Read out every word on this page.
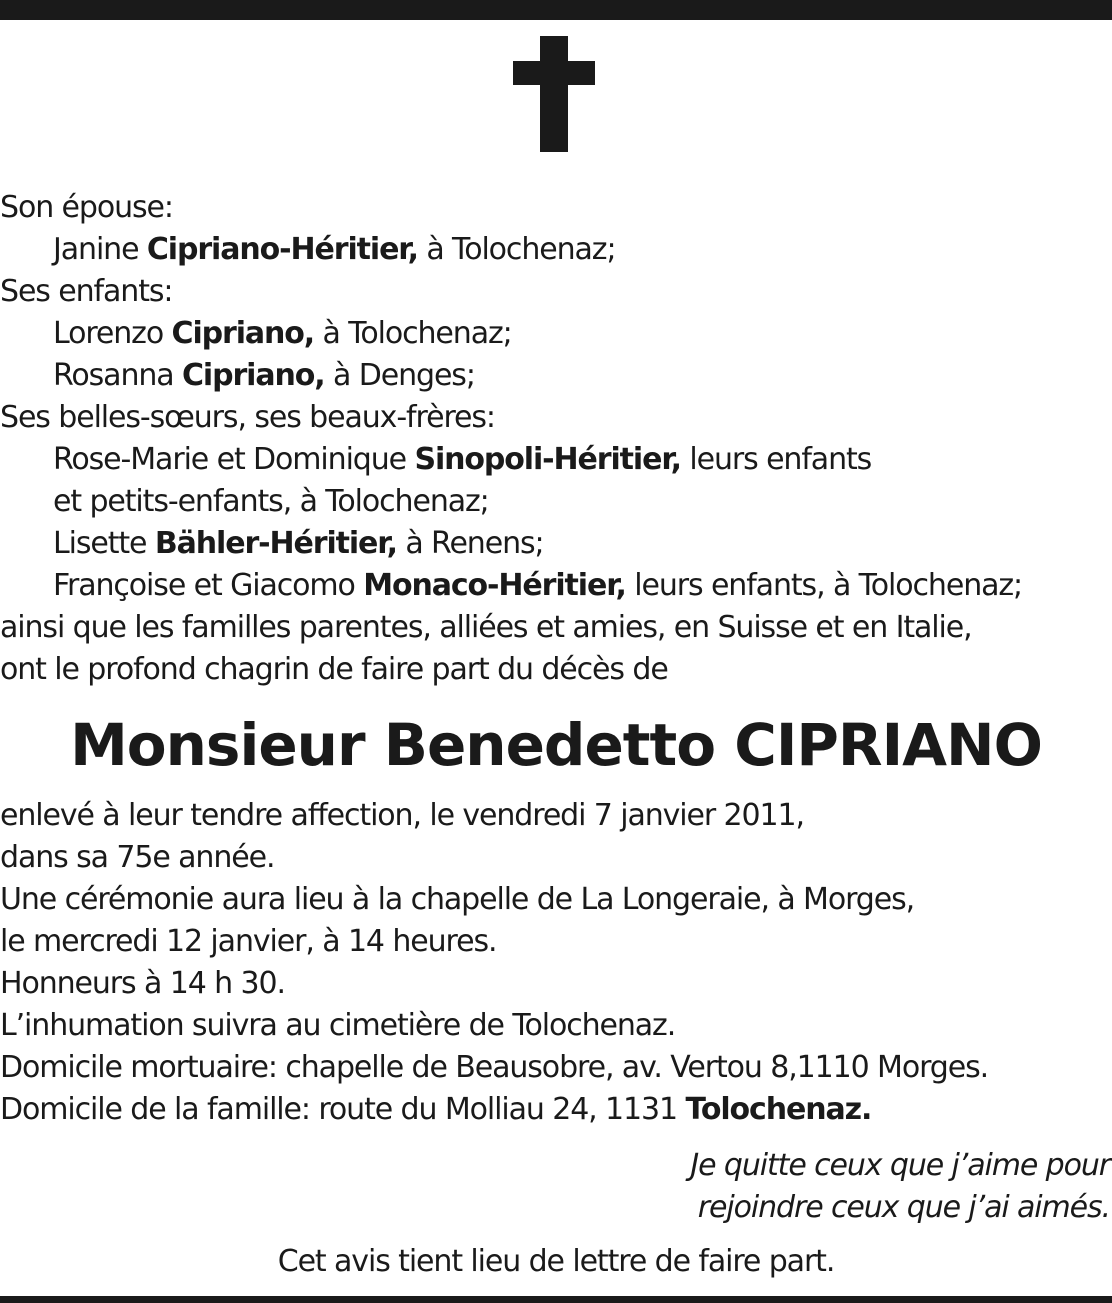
Son épouse:
Janine Cipriano-Héritier, à Tolochenaz;
Ses enfants:
Lorenzo Cipriano, à Tolochenaz;
Rosanna Cipriano, à Denges;
Ses belles-sœurs, ses beaux-frères:
Rose-Marie et Dominique Sinopoli-Héritier, leurs enfants
et petits-enfants, à Tolochenaz;
Lisette Bähler-Héritier, à Renens;
Françoise et Giacomo Monaco-Héritier, leurs enfants, à Tolochenaz;
ainsi que les familles parentes, alliées et amies, en Suisse et en Italie,
ont le profond chagrin de faire part du décès de
Monsieur Benedetto CIPRIANO
enlevé à leur tendre affection, le vendredi 7 janvier 2011,
dans sa 75e année.
Une cérémonie aura lieu à la chapelle de La Longeraie, à Morges,
le mercredi 12 janvier, à 14 heures.
Honneurs à 14 h 30.
L’inhumation suivra au cimetière de Tolochenaz.
Domicile mortuaire: chapelle de Beausobre, av. Vertou 8,1110 Morges.
Domicile de la famille: route du Molliau 24, 1131 Tolochenaz.
Je quitte ceux que j’aime pour
rejoindre ceux que j’ai aimés.
Cet avis tient lieu de lettre de faire part.
